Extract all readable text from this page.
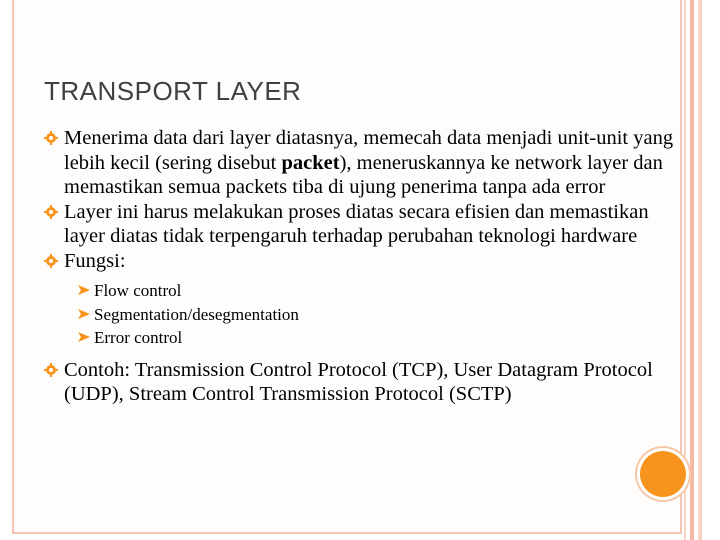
TRANSPORT LAYER
Menerima data dari layer diatasnya, memecah data menjadi unit-unit yang lebih kecil (sering disebut packet), meneruskannya ke network layer dan memastikan semua packets tiba di ujung penerima tanpa ada error
Layer ini harus melakukan proses diatas secara efisien dan memastikan layer diatas tidak terpengaruh terhadap perubahan teknologi hardware
Fungsi:
Flow control
Segmentation/desegmentation
Error control
Contoh: Transmission Control Protocol (TCP), User Datagram Protocol (UDP), Stream Control Transmission Protocol (SCTP)
